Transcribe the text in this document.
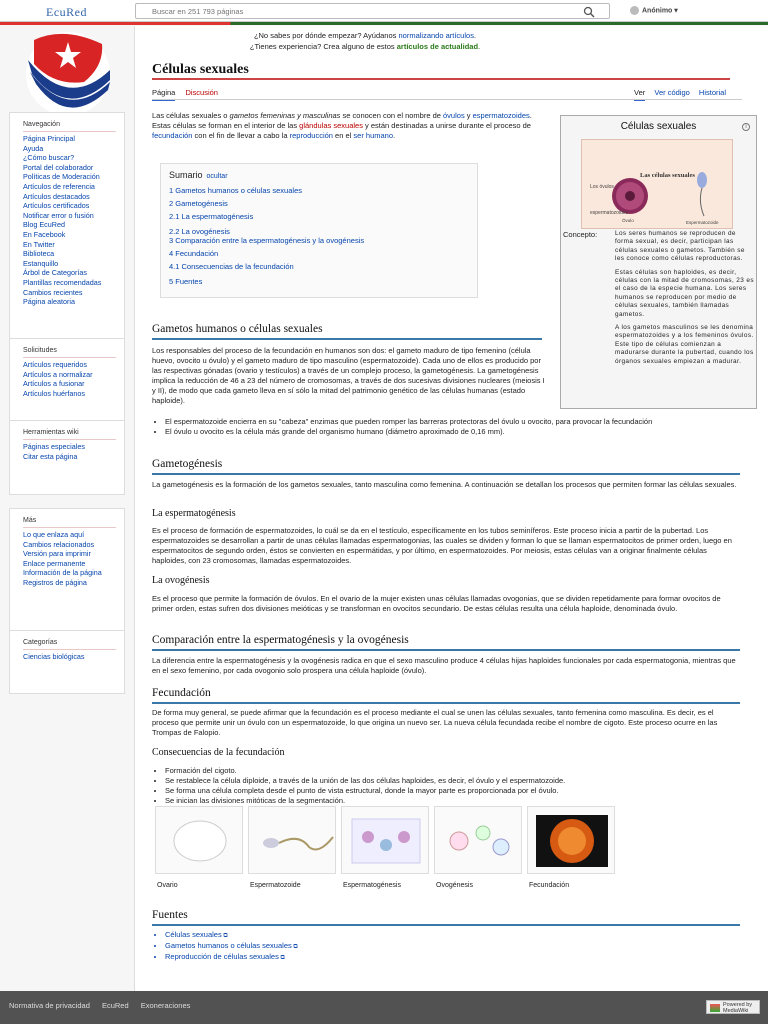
EcuRed
Buscar en 251 793 páginas	Anónimo ▾
Navegación
Página Principal
Ayuda
¿Cómo buscar?
Portal del colaborador
Políticas de Moderación
Artículos de referencia
Artículos destacados
Artículos certificados
Notificar error o fusión
Blog EcuRed
En Facebook
En Twitter
Biblioteca
Estanquillo
Árbol de Categorías
Plantillas recomendadas
Cambios recientes
Página aleatoria
Solicitudes
Artículos requeridos
Artículos a normalizar
Artículos a fusionar
Artículos huérfanos
Herramientas wiki
Páginas especiales
Citar esta página
Más
Lo que enlaza aquí
Cambios relacionados
Versión para imprimir
Enlace permanente
Información de la página
Registros de página
Categorías
Ciencias biológicas
¿No sabes por dónde empezar? Ayúdanos normalizando artículos.
¿Tienes experiencia? Crea alguno de estos artículos de actualidad.
Células sexuales
Página Discusión	Ver Ver código Historial
Las células sexuales o gametos femeninas y masculinas se conocen con el nombre de óvulos y espermatozoides. Estas células se forman en el interior de las glándulas sexuales y están destinadas a unirse durante el proceso de fecundación con el fin de llevar a cabo la reproducción en el ser humano.
Sumario ocultar
1 Gametos humanos o células sexuales
2 Gametogénesis
2.1 La espermatogénesis
2.2 La ovogénesis
3 Comparación entre la espermatogénesis y la ovogénesis
4 Fecundación
4.1 Consecuencias de la fecundación
5 Fuentes
Células sexuales	i
Las células sexuales
Los óvulos
espermatozoides
Óvulo	Espermatozoide
Concepto:	Los seres humanos se reproducen de forma sexual, es decir, participan las células sexuales o gametos. También se les conoce como células reproductoras.

Estas células son haploides, es decir, células con la mitad de cromosomas, 23 es el caso de la especie humana. Los seres humanos se reproducen por medio de células sexuales, también llamadas gametos.

A los gametos masculinos se les denomina espermatozoides y a los femeninos óvulos. Este tipo de células comienzan a madurarse durante la pubertad, cuando los órganos sexuales empiezan a madurar.

Gametos humanos o células sexuales
Los responsables del proceso de la fecundación en humanos son dos: el gameto maduro de tipo femenino (célula huevo, ovocito u óvulo) y el gameto maduro de tipo masculino (espermatozoide). Cada uno de ellos es producido por las respectivas gónadas (ovario y testículos) a través de un complejo proceso, la gametogénesis. La gametogénesis implica la reducción de 46 a 23 del número de cromosomas, a través de dos sucesivas divisiones nucleares (meiosis I y II), de modo que cada gameto lleva en sí sólo la mitad del patrimonio genético de las células humanas (estado haploide).
• El espermatozoide encierra en su "cabeza" enzimas que pueden romper las barreras protectoras del óvulo u ovocito, para provocar la fecundación
• El óvulo u ovocito es la célula más grande del organismo humano (diámetro aproximado de 0,16 mm).
Gametogénesis
La gametogénesis es la formación de los gametos sexuales, tanto masculina como femenina. A continuación se detallan los procesos que permiten formar las células sexuales.
La espermatogénesis
Es el proceso de formación de espermatozoides, lo cuál se da en el testículo, específicamente en los tubos seminíferos. Este proceso inicia a partir de la pubertad. Los espermatozoides se desarrollan a partir de unas células llamadas espermatogonias, las cuales se dividen y forman lo que se llaman espermatocitos de primer orden, luego en espermatocitos de segundo orden, éstos se convierten en espermátidas, y por último, en espermatozoides. Por meiosis, estas células van a originar finalmente células haploides, con 23 cromosomas, llamadas espermatozoides.
La ovogénesis
Es el proceso que permite la formación de óvulos. En el ovario de la mujer existen unas células llamadas ovogonias, que se dividen repetidamente para formar ovocitos de primer orden, estas sufren dos divisiones meióticas y se transforman en ovocitos secundario. De estas células resulta una célula haploide, denominada óvulo.
Comparación entre la espermatogénesis y la ovogénesis
La diferencia entre la espermatogénesis y la ovogénesis radica en que el sexo masculino produce 4 células hijas haploides funcionales por cada espermatogonia, mientras que en el sexo femenino, por cada ovogonio solo prospera una célula haploide (óvulo).
Fecundación
De forma muy general, se puede afirmar que la fecundación es el proceso mediante el cual se unen las células sexuales, tanto femenina como masculina. Es decir, es el proceso que permite unir un óvulo con un espermatozoide, lo que origina un nuevo ser. La nueva célula fecundada recibe el nombre de cigoto. Este proceso ocurre en las Trompas de Falopio.
Consecuencias de la fecundación
• Formación del cigoto.
• Se restablece la célula diploide, a través de la unión de las dos células haploides, es decir, el óvulo y el espermatozoide.
• Se forma una célula completa desde el punto de vista estructural, donde la mayor parte es proporcionada por el óvulo.
• Se inician las divisiones mitóticas de la segmentación.
Ovario	Espermatozoide	Espermatogénesis	Ovogénesis	Fecundación
Fuentes
• Células sexuales ⧉
• Gametos humanos o células sexuales ⧉
• Reproducción de células sexuales ⧉
Normativa de privacidad EcuRed Exoneraciones	Powered by MediaWiki
